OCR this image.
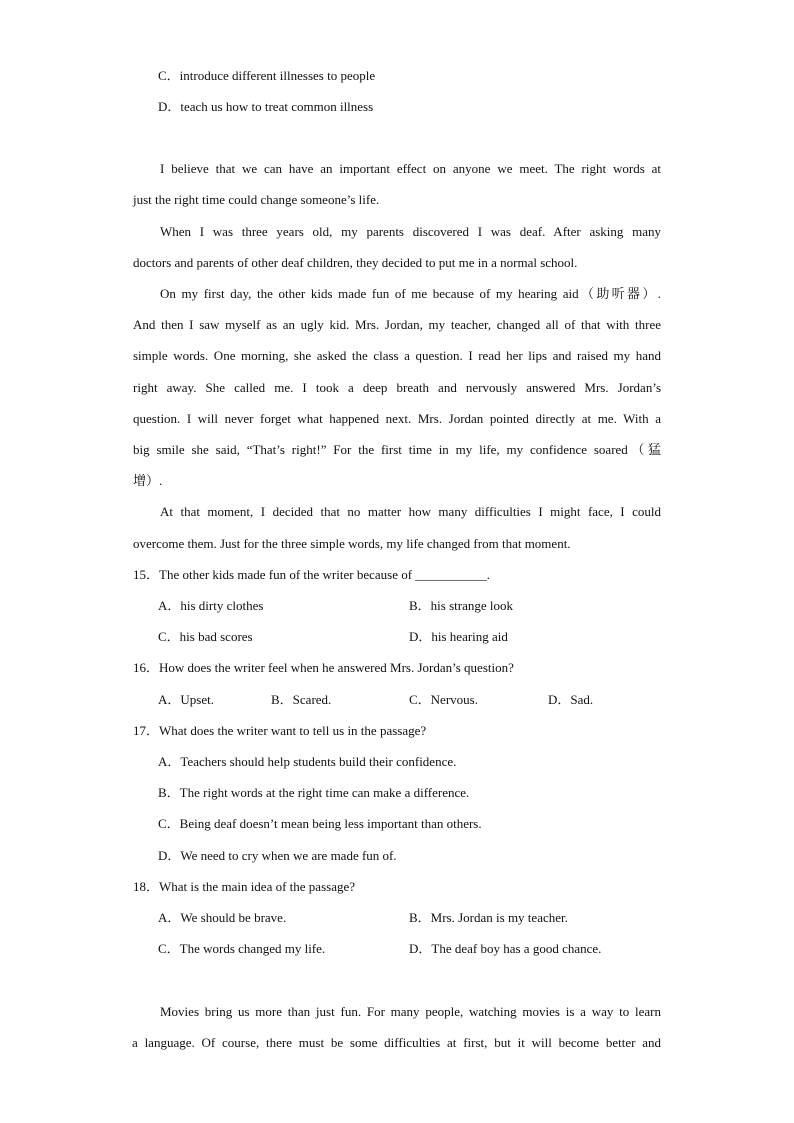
C．introduce different illnesses to people
D．teach us how to treat common illness
I believe that we can have an important effect on anyone we meet. The right words at
just the right time could change someone’s life.
When I was three years old, my parents discovered I was deaf. After asking many
doctors and parents of other deaf children, they decided to put me in a normal school.
On my first day, the other kids made fun of me because of my hearing aid（助听器）.
And then I saw myself as an ugly kid. Mrs. Jordan, my teacher, changed all of that with three
simple words. One morning, she asked the class a question. I read her lips and raised my hand
right away. She called me. I took a deep breath and nervously answered Mrs. Jordan’s
question. I will never forget what happened next. Mrs. Jordan pointed directly at me. With a
big smile she said, “That’s right!” For the first time in my life, my confidence soared（猛
增）.
At that moment, I decided that no matter how many difficulties I might face, I could
overcome them. Just for the three simple words, my life changed from that moment.
15．The other kids made fun of the writer because of ___________.
A．his dirty clothes	B．his strange look
C．his bad scores	D．his hearing aid
16．How does the writer feel when he answered Mrs. Jordan’s question?
A．Upset.	B．Scared.	C．Nervous.	D．Sad.
17．What does the writer want to tell us in the passage?
A．Teachers should help students build their confidence.
B．The right words at the right time can make a difference.
C．Being deaf doesn’t mean being less important than others.
D．We need to cry when we are made fun of.
18．What is the main idea of the passage?
A．We should be brave.	B．Mrs. Jordan is my teacher.
C．The words changed my life.	D．The deaf boy has a good chance.
Movies bring us more than just fun. For many people, watching movies is a way to learn
a language. Of course, there must be some difficulties at first, but it will become better and
